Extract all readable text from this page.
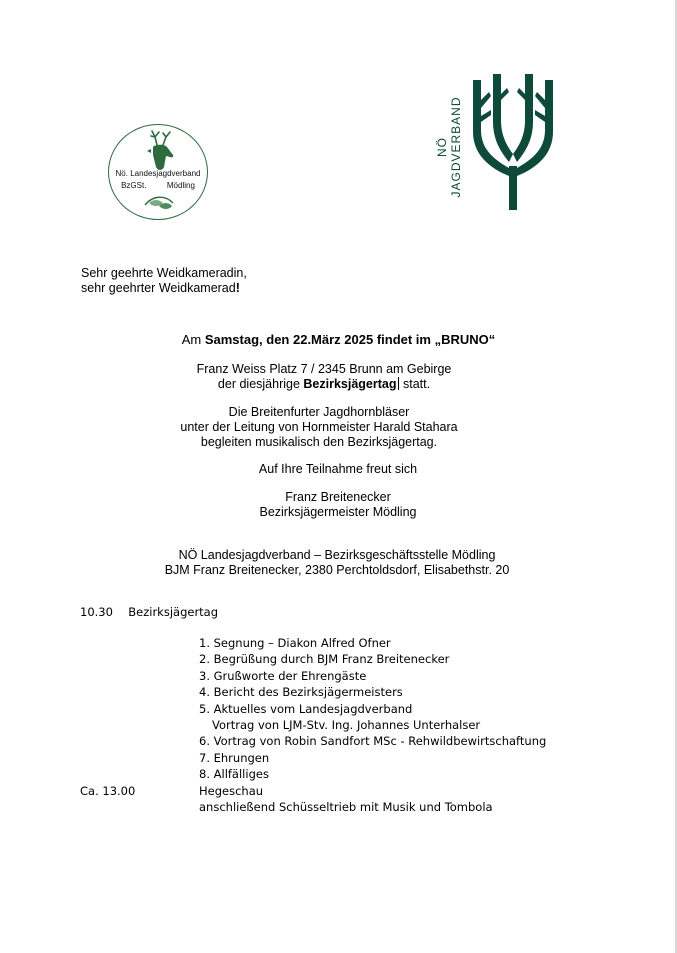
Nö. Landesjagdverband
BzGSt.	Mödling
NÖ JAGDVERBAND
Sehr geehrte Weidkameradin,
sehr geehrter Weidkamerad!
Am Samstag, den 22.März 2025 findet im „BRUNO“
Franz Weiss Platz 7 / 2345 Brunn am Gebirge
der diesjährige Bezirksjägertag statt.
Die Breitenfurter Jagdhornbläser
unter der Leitung von Hornmeister Harald Stahara
begleiten musikalisch den Bezirksjägertag.
Auf Ihre Teilnahme freut sich
Franz Breitenecker
Bezirksjägermeister Mödling
NÖ Landesjagdverband – Bezirksgeschäftsstelle Mödling
BJM Franz Breitenecker, 2380 Perchtoldsdorf, Elisabethstr. 20
10.30 Bezirksjägertag
1. Segnung – Diakon Alfred Ofner
2. Begrüßung durch BJM Franz Breitenecker
3. Grußworte der Ehrengäste
4. Bericht des Bezirksjägermeisters
5. Aktuelles vom Landesjagdverband
Vortrag von LJM-Stv. Ing. Johannes Unterhalser
6. Vortrag von Robin Sandfort MSc - Rehwildbewirtschaftung
7. Ehrungen
8. Allfälliges
Ca. 13.00	Hegeschau
anschließend Schüsseltrieb mit Musik und Tombola
